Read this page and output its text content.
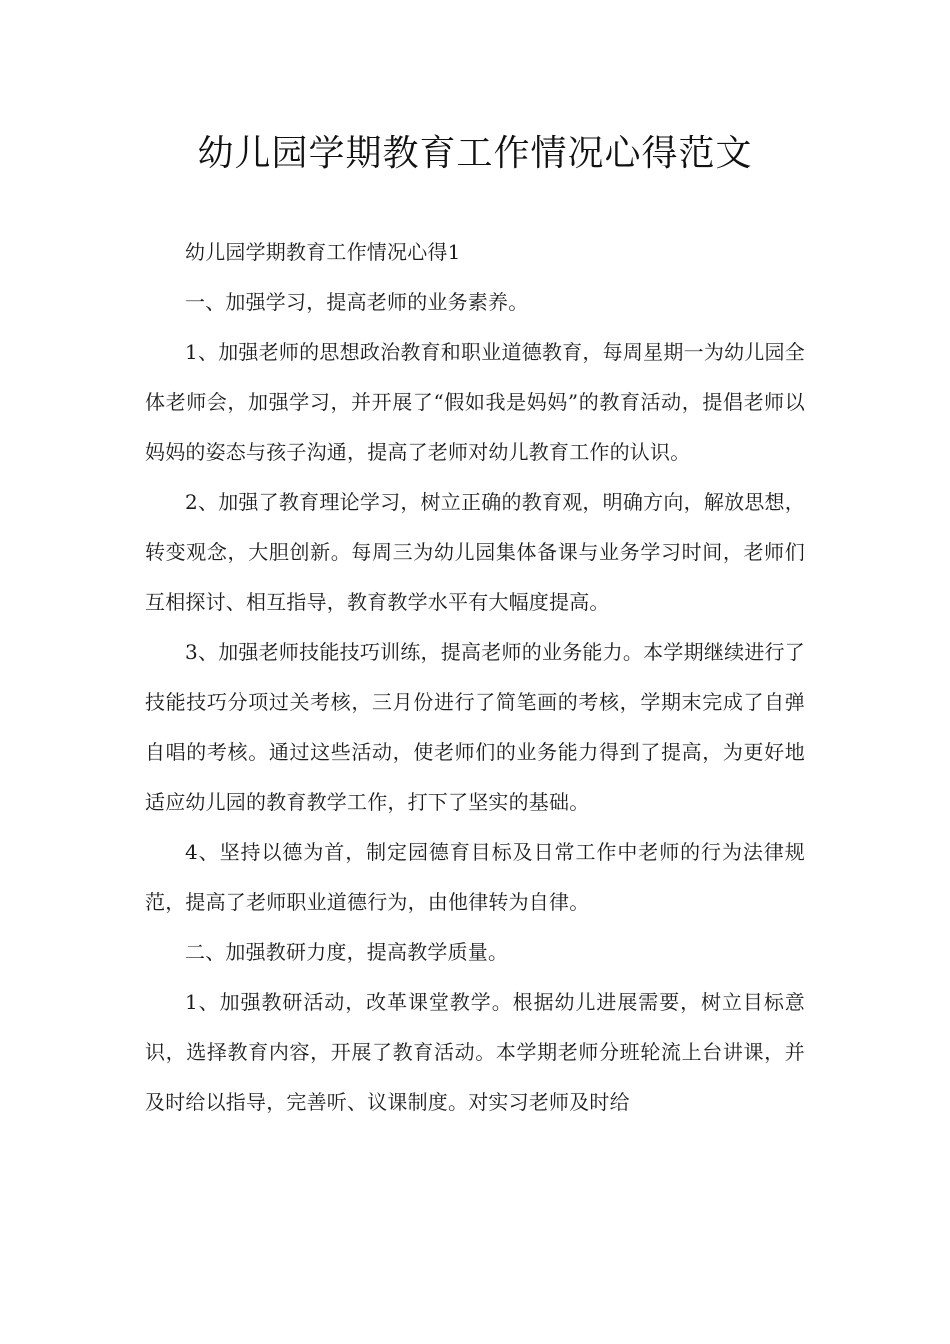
幼儿园学期教育工作情况心得范文

幼儿园学期教育工作情况心得1

一、加强学习，提高老师的业务素养。

1、加强老师的思想政治教育和职业道德教育，每周星期一为幼儿园全体老师会，加强学习，并开展了“假如我是妈妈”的教育活动，提倡老师以妈妈的姿态与孩子沟通，提高了老师对幼儿教育工作的认识。

2、加强了教育理论学习，树立正确的教育观，明确方向，解放思想，转变观念，大胆创新。每周三为幼儿园集体备课与业务学习时间，老师们互相探讨、相互指导，教育教学水平有大幅度提高。

3、加强老师技能技巧训练，提高老师的业务能力。本学期继续进行了技能技巧分项过关考核，三月份进行了简笔画的考核，学期末完成了自弹自唱的考核。通过这些活动，使老师们的业务能力得到了提高，为更好地适应幼儿园的教育教学工作，打下了坚实的基础。

4、坚持以德为首，制定园德育目标及日常工作中老师的行为法律规范，提高了老师职业道德行为，由他律转为自律。

二、加强教研力度，提高教学质量。

1、加强教研活动，改革课堂教学。根据幼儿进展需要，树立目标意识，选择教育内容，开展了教育活动。本学期老师分班轮流上台讲课，并及时给以指导，完善听、议课制度。对实习老师及时给
